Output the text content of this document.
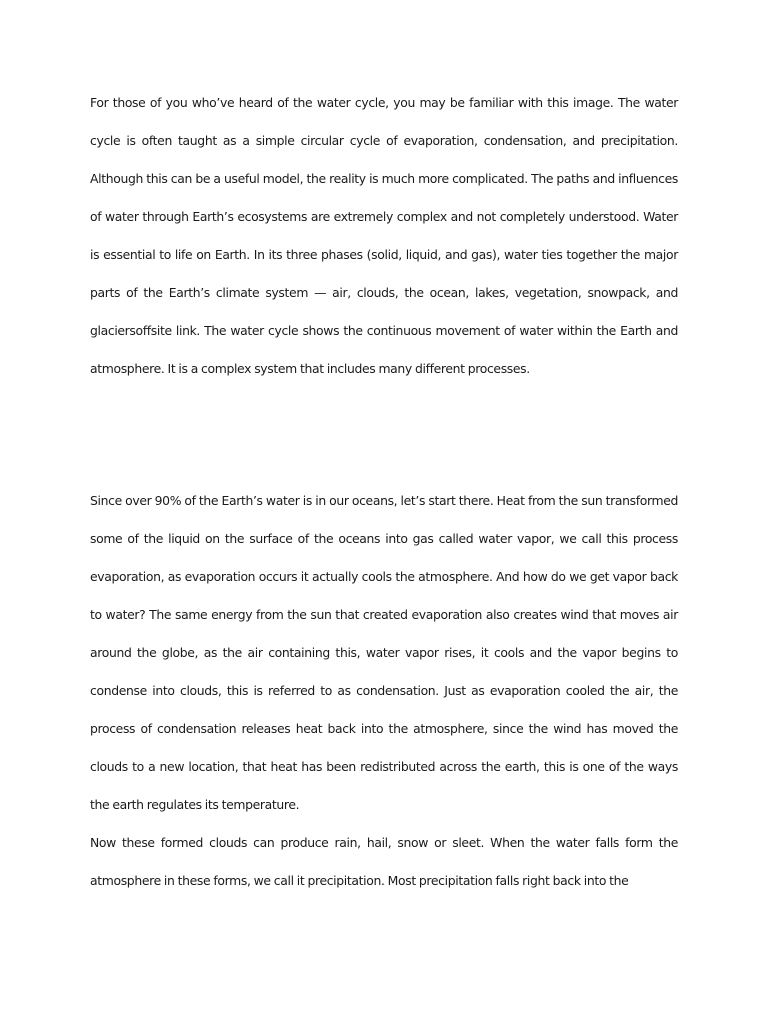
For those of you who’ve heard of the water cycle, you may be familiar with this image. The water cycle is often taught as a simple circular cycle of evaporation, condensation, and precipitation. Although this can be a useful model, the reality is much more complicated. The paths and influences of water through Earth’s ecosystems are extremely complex and not completely understood. Water is essential to life on Earth. In its three phases (solid, liquid, and gas), water ties together the major parts of the Earth’s climate system — air, clouds, the ocean, lakes, vegetation, snowpack, and glaciersoffsite link. The water cycle shows the continuous movement of water within the Earth and atmosphere. It is a complex system that includes many different processes.

Since over 90% of the Earth’s water is in our oceans, let’s start there. Heat from the sun transformed some of the liquid on the surface of the oceans into gas called water vapor, we call this process evaporation, as evaporation occurs it actually cools the atmosphere. And how do we get vapor back to water? The same energy from the sun that created evaporation also creates wind that moves air around the globe, as the air containing this, water vapor rises, it cools and the vapor begins to condense into clouds, this is referred to as condensation. Just as evaporation cooled the air, the process of condensation releases heat back into the atmosphere, since the wind has moved the clouds to a new location, that heat has been redistributed across the earth, this is one of the ways the earth regulates its temperature.

Now these formed clouds can produce rain, hail, snow or sleet. When the water falls form the atmosphere in these forms, we call it precipitation. Most precipitation falls right back into the
